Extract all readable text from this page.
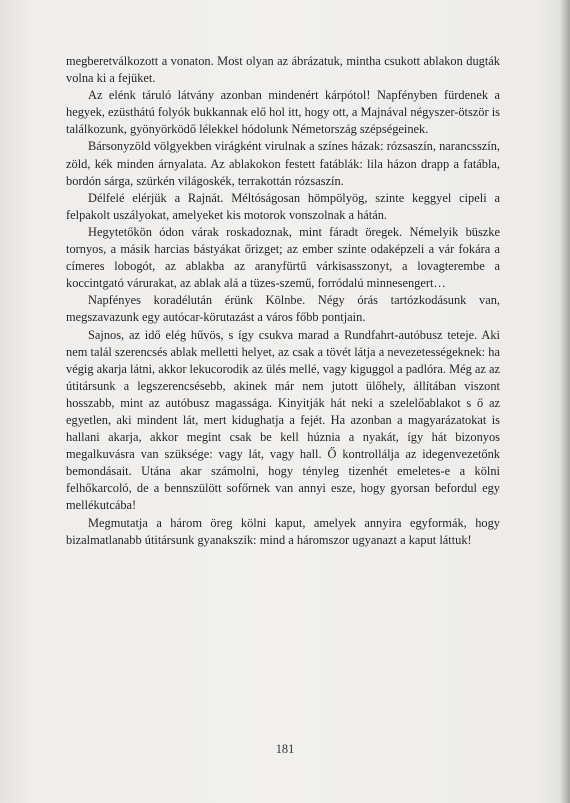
megberetválkozott a vonaton. Most olyan az ábrázatuk, mintha csukott ablakon dugták volna ki a fejüket.

Az elénk táruló látvány azonban mindenért kárpótol! Napfényben fürdenek a hegyek, ezüsthátú folyók bukkannak elő hol itt, hogy ott, a Majnával négyszer-ötször is találkozunk, gyönyörködő lélekkel hódolunk Németország szépségeinek.

Bársonyzöld völgyekben virágként virulnak a színes házak: rózsaszín, narancsszín, zöld, kék minden árnyalata. Az ablakokon festett fatáblák: lila házon drapp a fatábla, bordón sárga, szürkén világoskék, terrakottán rózsaszín.

Délfelé elérjük a Rajnát. Méltóságosan hömpölyög, szinte keggyel cipeli a felpakolt uszályokat, amelyeket kis motorok vonszolnak a hátán.

Hegytetőkön ódon várak roskadoznak, mint fáradt öregek. Némelyik büszke tornyos, a másik harcias bástyákat őrizget; az ember szinte odaképzeli a vár fokára a címeres lobogót, az ablakba az aranyfürtű várkisasszonyt, a lovagterembe a koccintgató várurakat, az ablak alá a tüzes-szemű, forródalú minnesengert…

Napfényes koradélután érünk Kölnbe. Négy órás tartózkodásunk van, megszavazunk egy autócar-körutazást a város főbb pontjain.

Sajnos, az idő elég hűvös, s így csukva marad a Rundfahrt-autóbusz teteje. Aki nem talál szerencsés ablak melletti helyet, az csak a tövét látja a nevezetességeknek: ha végig akarja látni, akkor lekucorodik az ülés mellé, vagy kiguggol a padlóra. Még az az útitársunk a legszerencsésebb, akinek már nem jutott ülőhely, állítában viszont hosszabb, mint az autóbusz magassága. Kinyitják hát neki a szelelőablakot s ő az egyetlen, aki mindent lát, mert kidughatja a fejét. Ha azonban a magyarázatokat is hallani akarja, akkor megint csak be kell húznia a nyakát, így hát bizonyos megalkuvásra van szüksége: vagy lát, vagy hall. Ő kontrollálja az idegenvezetőnk bemondásait. Utána akar számolni, hogy tényleg tizenhét emeletes-e a kölni felhőkarcoló, de a bennszülött sofőrnek van annyi esze, hogy gyorsan befordul egy mellékutcába!

Megmutatja a három öreg kölni kaput, amelyek annyira egyformák, hogy bizalmatlanabb útitársunk gyanakszik: mind a háromszor ugyanazt a kaput láttuk!

181
